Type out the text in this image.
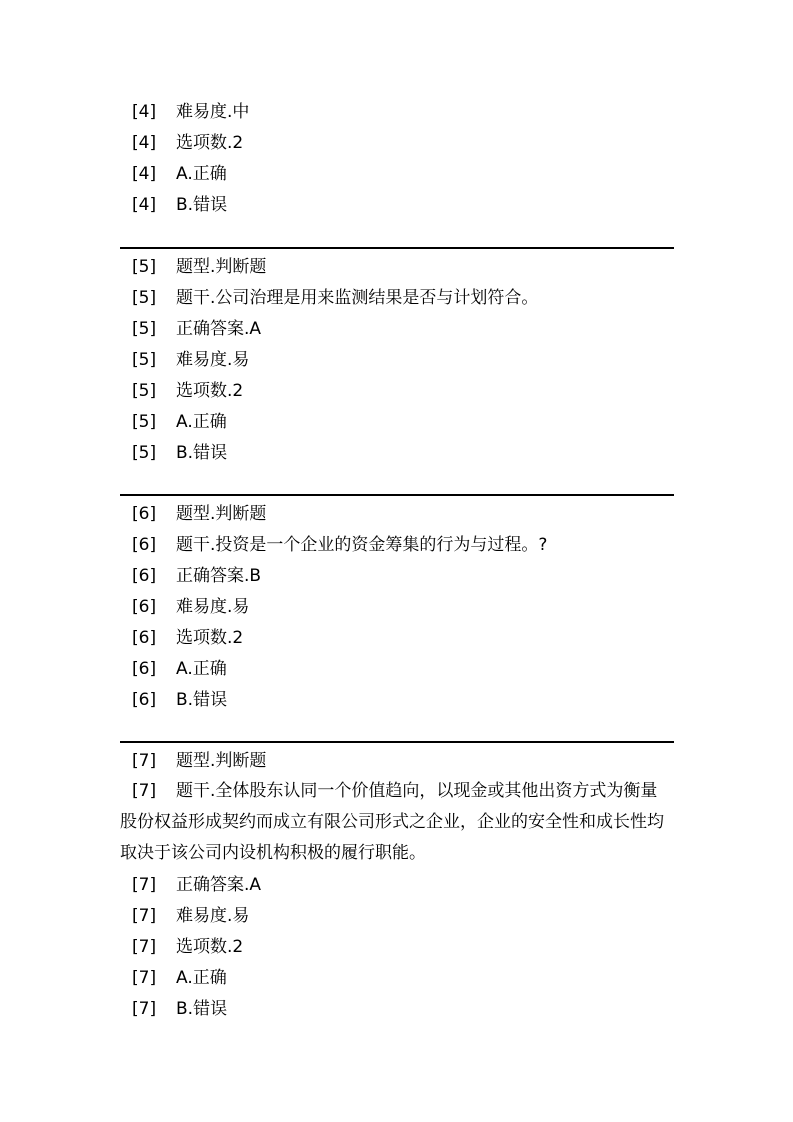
[4] 难易度.中
[4] 选项数.2
[4] A.正确
[4] B.错误
[5] 题型.判断题
[5] 题干.公司治理是用来监测结果是否与计划符合。
[5] 正确答案.A
[5] 难易度.易
[5] 选项数.2
[5] A.正确
[5] B.错误
[6] 题型.判断题
[6] 题干.投资是一个企业的资金筹集的行为与过程。?
[6] 正确答案.B
[6] 难易度.易
[6] 选项数.2
[6] A.正确
[6] B.错误
[7] 题型.判断题
[7] 题干.全体股东认同一个价值趋向，以现金或其他出资方式为衡量股份权益形成契约而成立有限公司形式之企业，企业的安全性和成长性均取决于该公司内设机构积极的履行职能。
[7] 正确答案.A
[7] 难易度.易
[7] 选项数.2
[7] A.正确
[7] B.错误
